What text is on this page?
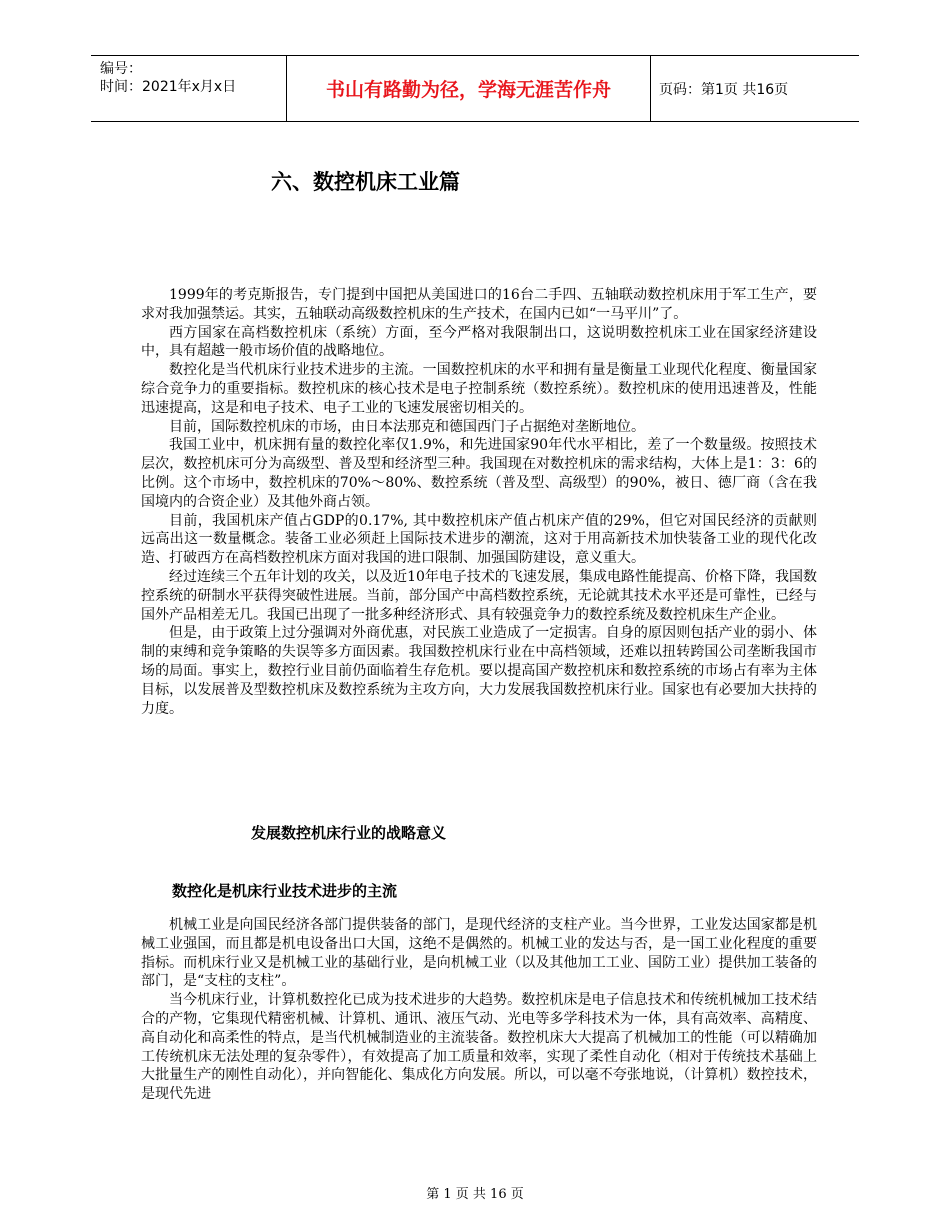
编号：
时间：2021年x月x日	书山有路勤为径，学海无涯苦作舟	页码：第1页 共16页
六、数控机床工业篇

1999年的考克斯报告，专门提到中国把从美国进口的16台二手四、五轴联动数控机床用于军工生产，要求对我加强禁运。其实，五轴联动高级数控机床的生产技术，在国内已如“一马平川”了。

西方国家在高档数控机床（系统）方面，至今严格对我限制出口，这说明数控机床工业在国家经济建设中，具有超越一般市场价值的战略地位。

数控化是当代机床行业技术进步的主流。一国数控机床的水平和拥有量是衡量工业现代化程度、衡量国家综合竞争力的重要指标。数控机床的核心技术是电子控制系统（数控系统）。数控机床的使用迅速普及，性能迅速提高，这是和电子技术、电子工业的飞速发展密切相关的。

目前，国际数控机床的市场，由日本法那克和德国西门子占据绝对垄断地位。

我国工业中，机床拥有量的数控化率仅1.9%，和先进国家90年代水平相比，差了一个数量级。按照技术层次，数控机床可分为高级型、普及型和经济型三种。我国现在对数控机床的需求结构，大体上是1：3：6的比例。这个市场中，数控机床的70%～80%、数控系统（普及型、高级型）的90%，被日、德厂商（含在我国境内的合资企业）及其他外商占领。

目前，我国机床产值占GDP的0.17%, 其中数控机床产值占机床产值的29%，但它对国民经济的贡献则远高出这一数量概念。装备工业必须赶上国际技术进步的潮流，这对于用高新技术加快装备工业的现代化改造、打破西方在高档数控机床方面对我国的进口限制、加强国防建设，意义重大。

经过连续三个五年计划的攻关，以及近10年电子技术的飞速发展，集成电路性能提高、价格下降，我国数控系统的研制水平获得突破性进展。当前，部分国产中高档数控系统，无论就其技术水平还是可靠性，已经与国外产品相差无几。我国已出现了一批多种经济形式、具有较强竞争力的数控系统及数控机床生产企业。

但是，由于政策上过分强调对外商优惠，对民族工业造成了一定损害。自身的原因则包括产业的弱小、体制的束缚和竞争策略的失误等多方面因素。我国数控机床行业在中高档领域，还难以扭转跨国公司垄断我国市场的局面。事实上，数控行业目前仍面临着生存危机。要以提高国产数控机床和数控系统的市场占有率为主体目标，以发展普及型数控机床及数控系统为主攻方向，大力发展我国数控机床行业。国家也有必要加大扶持的力度。

发展数控机床行业的战略意义
数控化是机床行业技术进步的主流

机械工业是向国民经济各部门提供装备的部门，是现代经济的支柱产业。当今世界，工业发达国家都是机械工业强国，而且都是机电设备出口大国，这绝不是偶然的。机械工业的发达与否，是一国工业化程度的重要指标。而机床行业又是机械工业的基础行业，是向机械工业（以及其他加工工业、国防工业）提供加工装备的部门，是“支柱的支柱”。

当今机床行业，计算机数控化已成为技术进步的大趋势。数控机床是电子信息技术和传统机械加工技术结合的产物，它集现代精密机械、计算机、通讯、液压气动、光电等多学科技术为一体，具有高效率、高精度、高自动化和高柔性的特点，是当代机械制造业的主流装备。数控机床大大提高了机械加工的性能（可以精确加工传统机床无法处理的复杂零件），有效提高了加工质量和效率，实现了柔性自动化（相对于传统技术基础上大批量生产的刚性自动化），并向智能化、集成化方向发展。所以，可以毫不夸张地说，（计算机）数控技术，是现代先进

第 1 页 共 16 页
